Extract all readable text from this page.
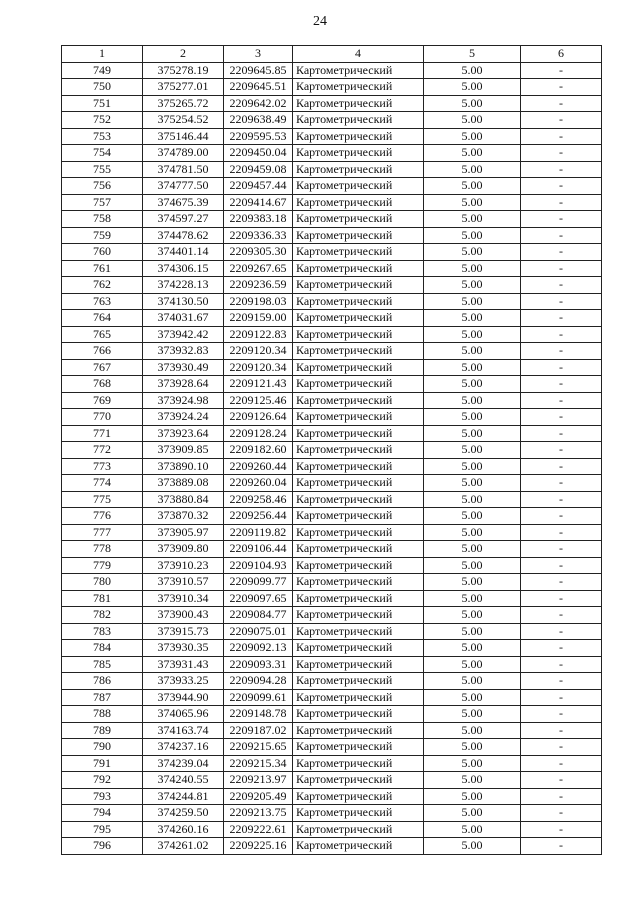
24
1	2	3	4	5	6
749	375278.19	2209645.85	Картометрический	5.00	-
750	375277.01	2209645.51	Картометрический	5.00	-
751	375265.72	2209642.02	Картометрический	5.00	-
752	375254.52	2209638.49	Картометрический	5.00	-
753	375146.44	2209595.53	Картометрический	5.00	-
754	374789.00	2209450.04	Картометрический	5.00	-
755	374781.50	2209459.08	Картометрический	5.00	-
756	374777.50	2209457.44	Картометрический	5.00	-
757	374675.39	2209414.67	Картометрический	5.00	-
758	374597.27	2209383.18	Картометрический	5.00	-
759	374478.62	2209336.33	Картометрический	5.00	-
760	374401.14	2209305.30	Картометрический	5.00	-
761	374306.15	2209267.65	Картометрический	5.00	-
762	374228.13	2209236.59	Картометрический	5.00	-
763	374130.50	2209198.03	Картометрический	5.00	-
764	374031.67	2209159.00	Картометрический	5.00	-
765	373942.42	2209122.83	Картометрический	5.00	-
766	373932.83	2209120.34	Картометрический	5.00	-
767	373930.49	2209120.34	Картометрический	5.00	-
768	373928.64	2209121.43	Картометрический	5.00	-
769	373924.98	2209125.46	Картометрический	5.00	-
770	373924.24	2209126.64	Картометрический	5.00	-
771	373923.64	2209128.24	Картометрический	5.00	-
772	373909.85	2209182.60	Картометрический	5.00	-
773	373890.10	2209260.44	Картометрический	5.00	-
774	373889.08	2209260.04	Картометрический	5.00	-
775	373880.84	2209258.46	Картометрический	5.00	-
776	373870.32	2209256.44	Картометрический	5.00	-
777	373905.97	2209119.82	Картометрический	5.00	-
778	373909.80	2209106.44	Картометрический	5.00	-
779	373910.23	2209104.93	Картометрический	5.00	-
780	373910.57	2209099.77	Картометрический	5.00	-
781	373910.34	2209097.65	Картометрический	5.00	-
782	373900.43	2209084.77	Картометрический	5.00	-
783	373915.73	2209075.01	Картометрический	5.00	-
784	373930.35	2209092.13	Картометрический	5.00	-
785	373931.43	2209093.31	Картометрический	5.00	-
786	373933.25	2209094.28	Картометрический	5.00	-
787	373944.90	2209099.61	Картометрический	5.00	-
788	374065.96	2209148.78	Картометрический	5.00	-
789	374163.74	2209187.02	Картометрический	5.00	-
790	374237.16	2209215.65	Картометрический	5.00	-
791	374239.04	2209215.34	Картометрический	5.00	-
792	374240.55	2209213.97	Картометрический	5.00	-
793	374244.81	2209205.49	Картометрический	5.00	-
794	374259.50	2209213.75	Картометрический	5.00	-
795	374260.16	2209222.61	Картометрический	5.00	-
796	374261.02	2209225.16	Картометрический	5.00	-
